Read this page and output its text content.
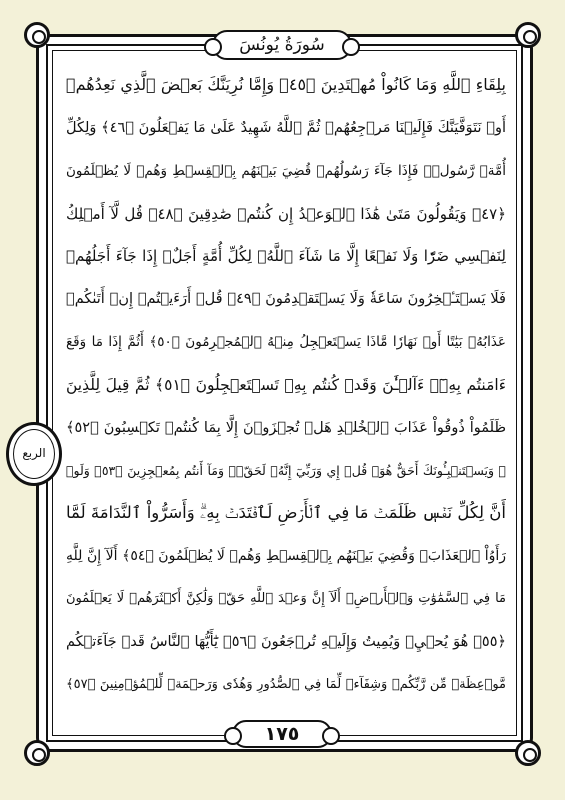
سُورَةُ يُونُسَ
الربع
بِلِقَاءِ ٱللَّهِ وَمَا كَانُواْ مُهۡتَدِينَ ﴿٤٥﴾ وَإِمَّا نُرِيَنَّكَ بَعۡضَ ٱلَّذِي نَعِدُهُمۡ
أَوۡ نَتَوَفَّيَنَّكَ فَإِلَيۡنَا مَرۡجِعُهُمۡ ثُمَّ ٱللَّهُ شَهِيدٌ عَلَىٰ مَا يَفۡعَلُونَ ﴿٤٦﴾ وَلِكُلِّ
أُمَّةٖ رَّسُولٞۖ فَإِذَا جَآءَ رَسُولُهُمۡ قُضِيَ بَيۡنَهُم بِٱلۡقِسۡطِ وَهُمۡ لَا يُظۡلَمُونَ
﴿٤٧﴾ وَيَقُولُونَ مَتَىٰ هَٰذَا ٱلۡوَعۡدُ إِن كُنتُمۡ صَٰدِقِينَ ﴿٤٨﴾ قُل لَّآ أَمۡلِكُ
لِنَفۡسِي ضَرّٗا وَلَا نَفۡعًا إِلَّا مَا شَآءَ ٱللَّهُۗ لِكُلِّ أُمَّةٍ أَجَلٌۚ إِذَا جَآءَ أَجَلُهُمۡ
فَلَا يَسۡتَـٔۡخِرُونَ سَاعَةٗ وَلَا يَسۡتَقۡدِمُونَ ﴿٤٩﴾ قُلۡ أَرَءَيۡتُمۡ إِنۡ أَتَىٰكُمۡ
عَذَابُهُۥ بَيَٰتًا أَوۡ نَهَارٗا مَّاذَا يَسۡتَعۡجِلُ مِنۡهُ ٱلۡمُجۡرِمُونَ ﴿٥٠﴾ أَثُمَّ إِذَا مَا وَقَعَ
ءَامَنتُم بِهِۦٓۚ ءَآلۡـَٰٔنَ وَقَدۡ كُنتُم بِهِۦ تَسۡتَعۡجِلُونَ ﴿٥١﴾ ثُمَّ قِيلَ لِلَّذِينَ
ظَلَمُواْ ذُوقُواْ عَذَابَ ٱلۡخُلۡدِ هَلۡ تُجۡزَوۡنَ إِلَّا بِمَا كُنتُمۡ تَكۡسِبُونَ ﴿٥٢﴾
۞ وَيَسۡتَنۢبِـُٔونَكَ أَحَقٌّ هُوَۖ قُلۡ إِي وَرَبِّيٓ إِنَّهُۥ لَحَقّٞۖ وَمَآ أَنتُم بِمُعۡجِزِينَ ﴿٥٣﴾ وَلَوۡ
أَنَّ لِكُلِّ نَفۡسٖ ظَلَمَتۡ مَا فِي ٱلۡأَرۡضِ لَٱفۡتَدَتۡ بِهِۦۗ وَأَسَرُّواْ ٱلنَّدَامَةَ لَمَّا
رَأَوُاْ ٱلۡعَذَابَۖ وَقُضِيَ بَيۡنَهُم بِٱلۡقِسۡطِ وَهُمۡ لَا يُظۡلَمُونَ ﴿٥٤﴾ أَلَآ إِنَّ لِلَّهِ
مَا فِي ٱلسَّمَٰوَٰتِ وَٱلۡأَرۡضِۗ أَلَآ إِنَّ وَعۡدَ ٱللَّهِ حَقّٞ وَلَٰكِنَّ أَكۡثَرَهُمۡ لَا يَعۡلَمُونَ
﴿٥٥﴾ هُوَ يُحۡيِۦ وَيُمِيتُ وَإِلَيۡهِ تُرۡجَعُونَ ﴿٥٦﴾ يَٰٓأَيُّهَا ٱلنَّاسُ قَدۡ جَآءَتۡكُم
مَّوۡعِظَةٞ مِّن رَّبِّكُمۡ وَشِفَآءٞ لِّمَا فِي ٱلصُّدُورِ وَهُدٗى وَرَحۡمَةٞ لِّلۡمُؤۡمِنِينَ ﴿٥٧﴾
١٧٥
